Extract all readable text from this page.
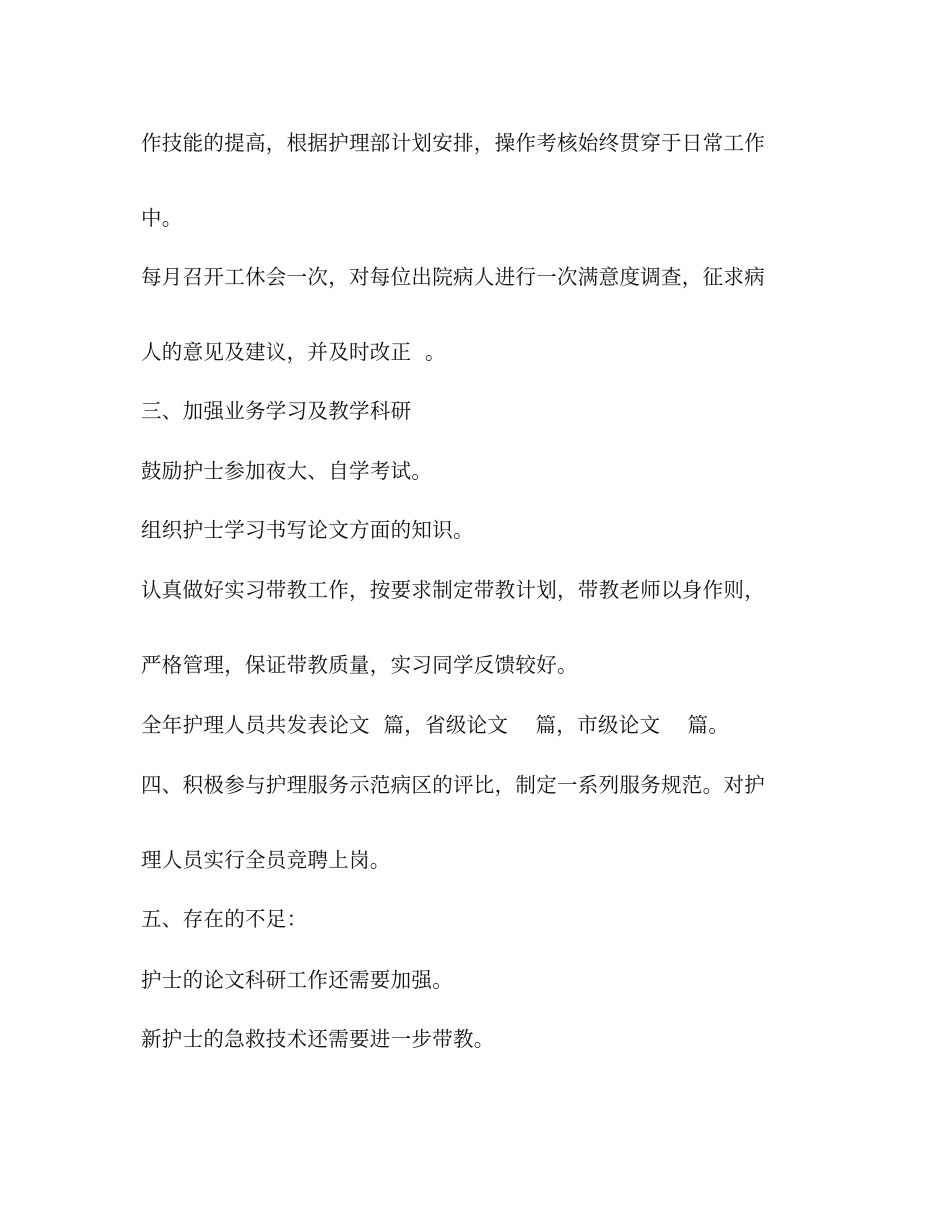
作技能的提高，根据护理部计划安排，操作考核始终贯穿于日常工作
中。
每月召开工休会一次，对每位出院病人进行一次满意度调查，征求病
人的意见及建议，并及时改正  。
三、加强业务学习及教学科研
鼓励护士参加夜大、自学考试。
组织护士学习书写论文方面的知识。
认真做好实习带教工作，按要求制定带教计划，带教老师以身作则，
严格管理，保证带教质量，实习同学反馈较好。
全年护理人员共发表论文  篇，省级论文    篇，市级论文    篇。
四、积极参与护理服务示范病区的评比，制定一系列服务规范。对护
理人员实行全员竞聘上岗。
五、存在的不足：
护士的论文科研工作还需要加强。
新护士的急救技术还需要进一步带教。
